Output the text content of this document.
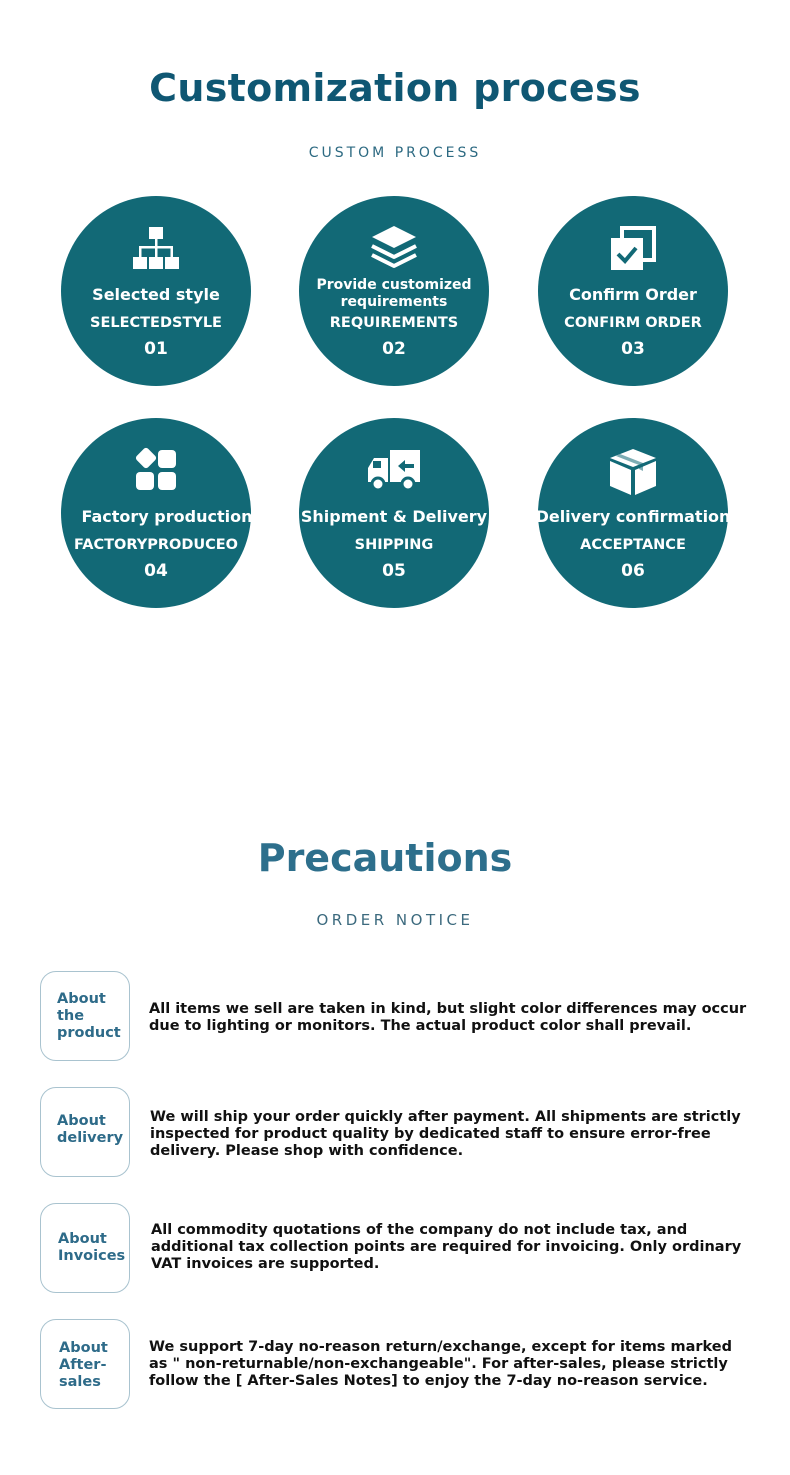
Customization process
CUSTOM PROCESS
Selected style
SELECTEDSTYLE
01
Provide customized requirements
REQUIREMENTS
02
Confirm Order
CONFIRM ORDER
03
Factory production
FACTORYPRODUCEO
04
Shipment & Delivery
SHIPPING
05
Delivery confirmation
ACCEPTANCE
06
Precautions
ORDER NOTICE
About the product
All items we sell are taken in kind, but slight color differences may occur due to lighting or monitors. The actual product color shall prevail.
About delivery
We will ship your order quickly after payment. All shipments are strictly inspected for product quality by dedicated staff to ensure error-free delivery. Please shop with confidence.
About Invoices
All commodity quotations of the company do not include tax, and additional tax collection points are required for invoicing. Only ordinary VAT invoices are supported.
About After-sales
We support 7-day no-reason return/exchange, except for items marked as " non-returnable/non-exchangeable". For after-sales, please strictly follow the [ After-Sales Notes] to enjoy the 7-day no-reason service.
